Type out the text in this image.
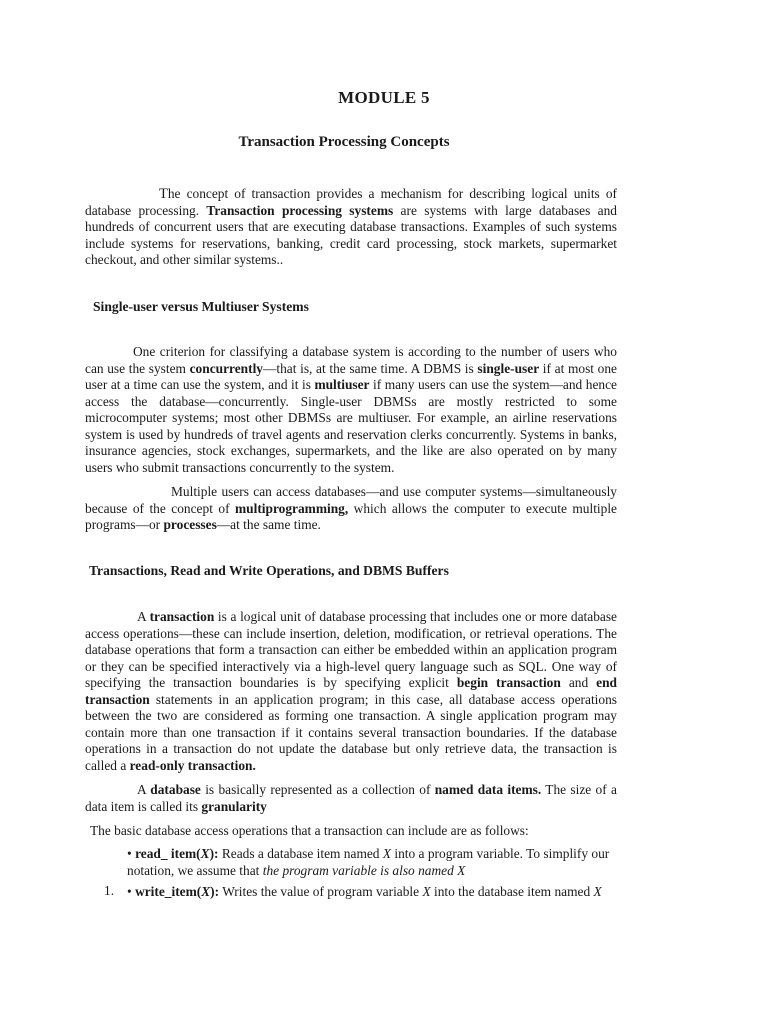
MODULE 5
Transaction Processing Concepts
The concept of transaction provides a mechanism for describing logical units of database processing. Transaction processing systems are systems with large databases and hundreds of concurrent users that are executing database transactions. Examples of such systems include systems for reservations, banking, credit card processing, stock markets, supermarket checkout, and other similar systems..
Single-user versus Multiuser Systems
One criterion for classifying a database system is according to the number of users who can use the system concurrently—that is, at the same time. A DBMS is single-user if at most one user at a time can use the system, and it is multiuser if many users can use the system—and hence access the database—concurrently. Single-user DBMSs are mostly restricted to some microcomputer systems; most other DBMSs are multiuser. For example, an airline reservations system is used by hundreds of travel agents and reservation clerks concurrently. Systems in banks, insurance agencies, stock exchanges, supermarkets, and the like are also operated on by many users who submit transactions concurrently to the system.
Multiple users can access databases—and use computer systems—simultaneously because of the concept of multiprogramming, which allows the computer to execute multiple programs—or processes—at the same time.
Transactions, Read and Write Operations, and DBMS Buffers
A transaction is a logical unit of database processing that includes one or more database access operations—these can include insertion, deletion, modification, or retrieval operations. The database operations that form a transaction can either be embedded within an application program or they can be specified interactively via a high-level query language such as SQL. One way of specifying the transaction boundaries is by specifying explicit begin transaction and end transaction statements in an application program; in this case, all database access operations between the two are considered as forming one transaction. A single application program may contain more than one transaction if it contains several transaction boundaries. If the database operations in a transaction do not update the database but only retrieve data, the transaction is called a read-only transaction.
A database is basically represented as a collection of named data items. The size of a data item is called its granularity
The basic database access operations that a transaction can include are as follows:
• read_ item(X): Reads a database item named X into a program variable. To simplify our notation, we assume that the program variable is also named X
1. • write_item(X): Writes the value of program variable X into the database item named X
